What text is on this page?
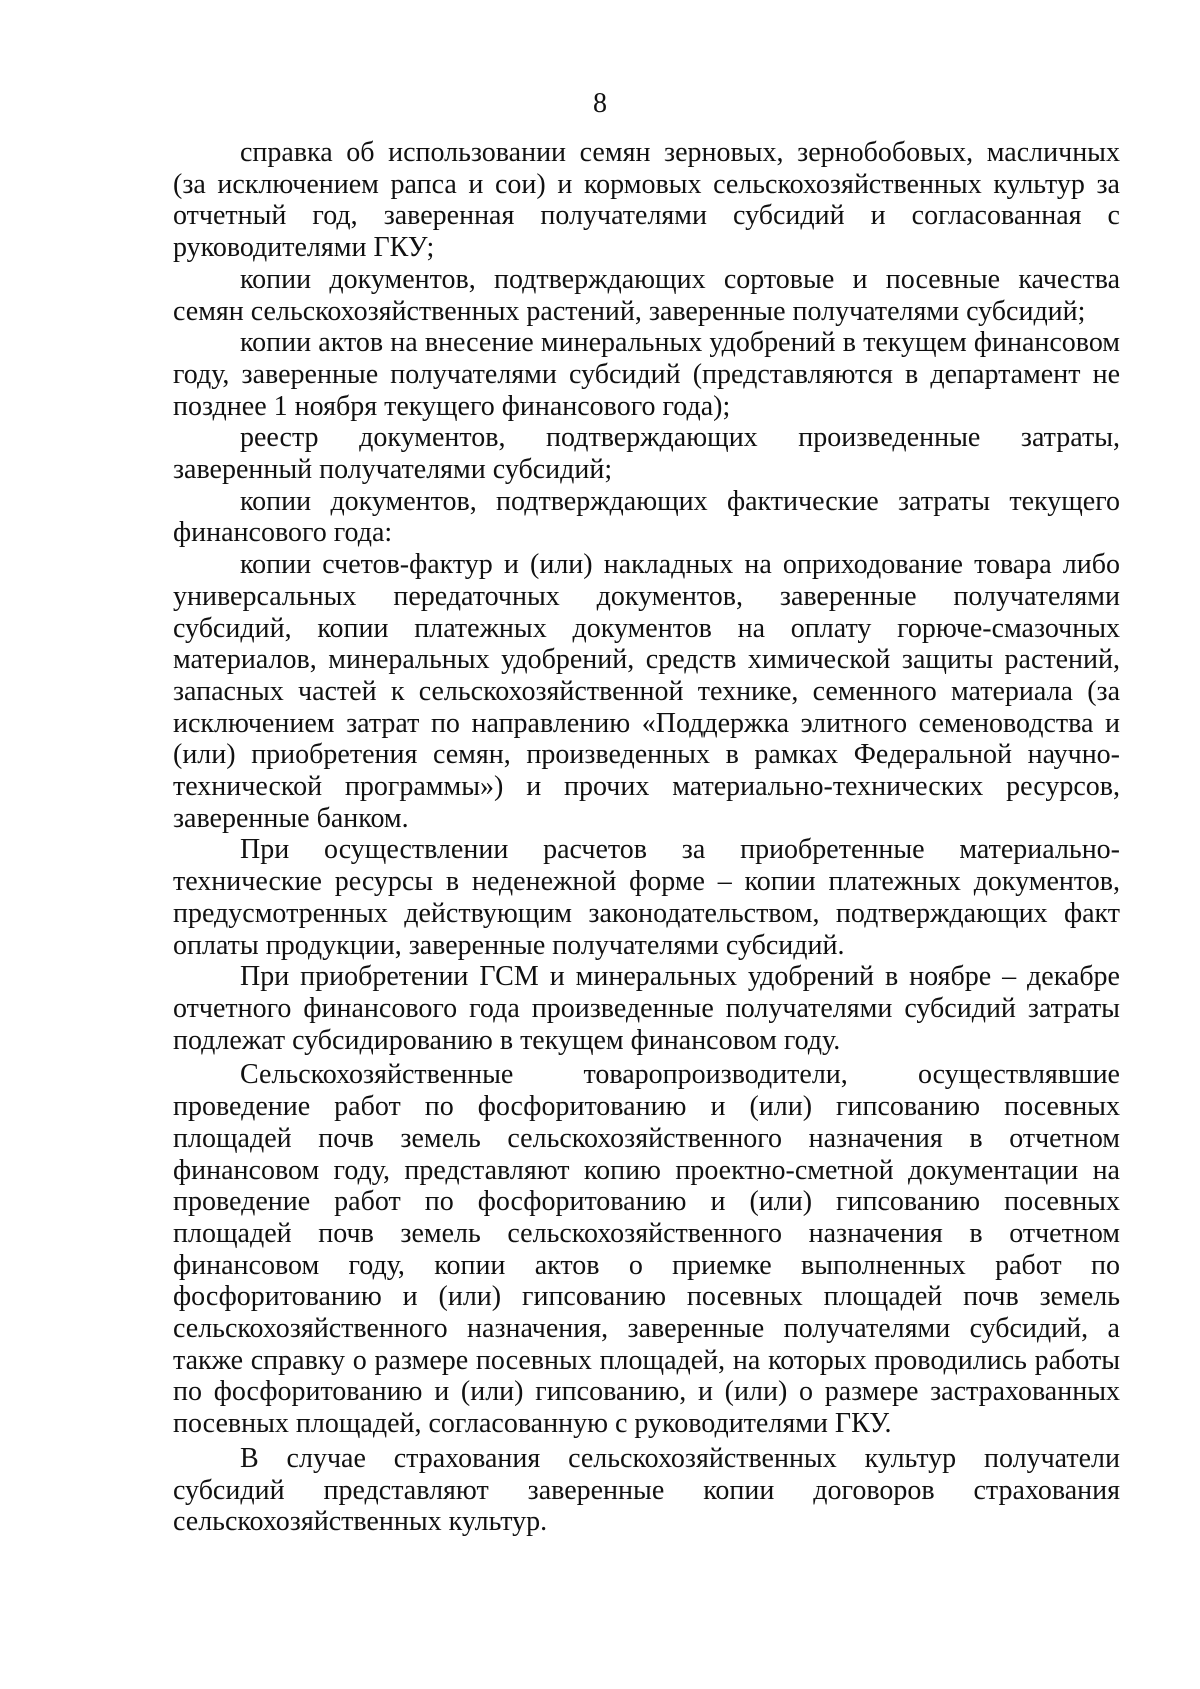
8

справка об использовании семян зерновых, зернобобовых, масличных (за исключением рапса и сои) и кормовых сельскохозяйственных культур за отчетный год, заверенная получателями субсидий и согласованная с руководителями ГКУ;

копии документов, подтверждающих сортовые и посевные качества семян сельскохозяйственных растений, заверенные получателями субсидий;

копии актов на внесение минеральных удобрений в текущем финансовом году, заверенные получателями субсидий (представляются в департамент не позднее 1 ноября текущего финансового года);

реестр документов, подтверждающих произведенные затраты, заверенный получателями субсидий;

копии документов, подтверждающих фактические затраты текущего финансового года:

копии счетов-фактур и (или) накладных на оприходование товара либо универсальных передаточных документов, заверенные получателями субсидий, копии платежных документов на оплату горюче-смазочных материалов, минеральных удобрений, средств химической защиты растений, запасных частей к сельскохозяйственной технике, семенного материала (за исключением затрат по направлению «Поддержка элитного семеноводства и (или) приобретения семян, произведенных в рамках Федеральной научно-технической программы») и прочих материально-технических ресурсов, заверенные банком.

При осуществлении расчетов за приобретенные материально-технические ресурсы в неденежной форме – копии платежных документов, предусмотренных действующим законодательством, подтверждающих факт оплаты продукции, заверенные получателями субсидий.

При приобретении ГСМ и минеральных удобрений в ноябре – декабре отчетного финансового года произведенные получателями субсидий затраты подлежат субсидированию в текущем финансовом году.

Сельскохозяйственные товаропроизводители, осуществлявшие проведение работ по фосфоритованию и (или) гипсованию посевных площадей почв земель сельскохозяйственного назначения в отчетном финансовом году, представляют копию проектно-сметной документации на проведение работ по фосфоритованию и (или) гипсованию посевных площадей почв земель сельскохозяйственного назначения в отчетном финансовом году, копии актов о приемке выполненных работ по фосфоритованию и (или) гипсованию посевных площадей почв земель сельскохозяйственного назначения, заверенные получателями субсидий, а также справку о размере посевных площадей, на которых проводились работы по фосфоритованию и (или) гипсованию, и (или) о размере застрахованных посевных площадей, согласованную с руководителями ГКУ.

В случае страхования сельскохозяйственных культур получатели субсидий представляют заверенные копии договоров страхования сельскохозяйственных культур.
